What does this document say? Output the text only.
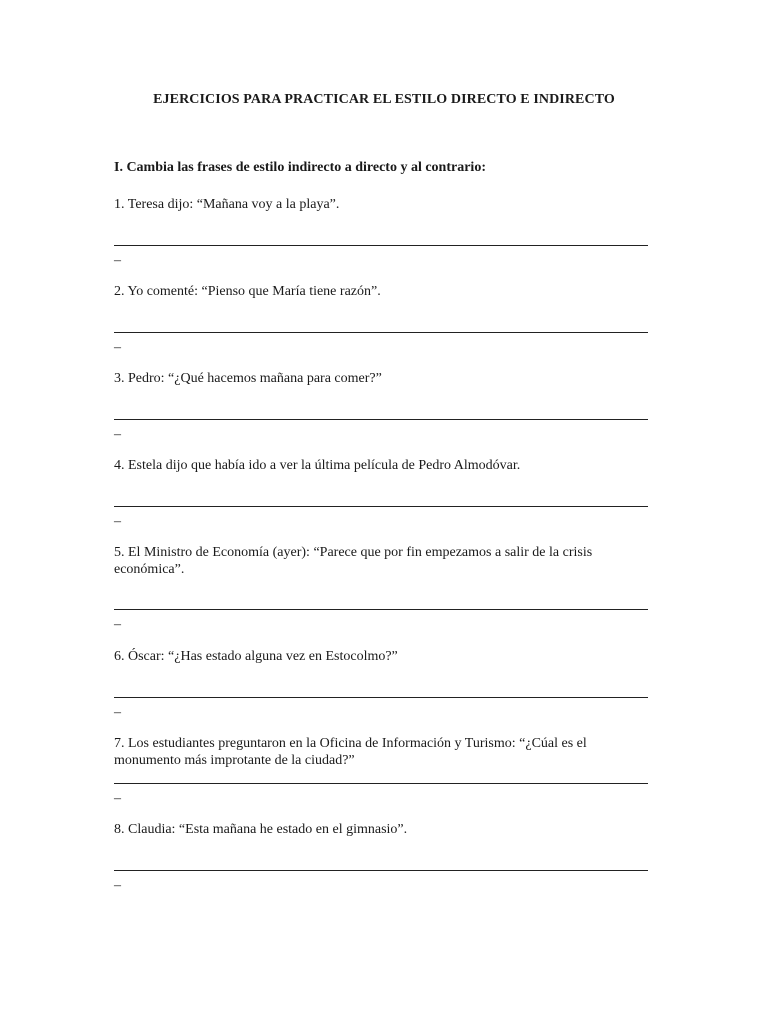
EJERCICIOS PARA PRACTICAR EL ESTILO DIRECTO E INDIRECTO

I. Cambia las frases de estilo indirecto a directo y al contrario:

1. Teresa dijo: “Mañana voy a la playa”.

–

2. Yo comenté: “Pienso que María tiene razón”.

–

3. Pedro: “¿Qué hacemos mañana para comer?”

–

4. Estela dijo que había ido a ver la última película de Pedro Almodóvar.

–

5. El Ministro de Economía (ayer): “Parece que por fin empezamos a salir de la crisis económica”.

–

6. Óscar: “¿Has estado alguna vez en Estocolmo?”

–

7. Los estudiantes preguntaron en la Oficina de Información y Turismo: “¿Cúal es el monumento más improtante de la ciudad?”

–

8. Claudia: “Esta mañana he estado en el gimnasio”.

–
